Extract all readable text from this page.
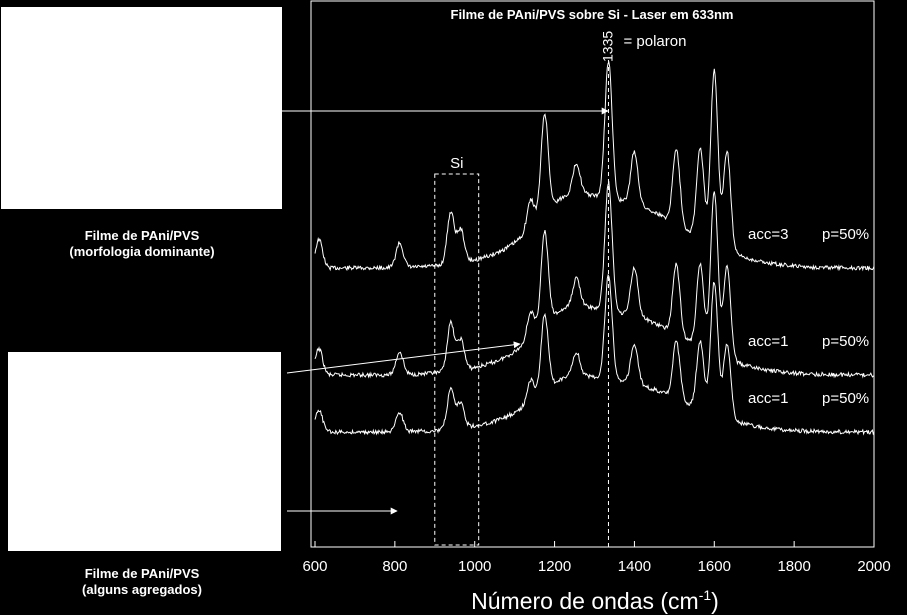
Filme de PAni/PVS
(morfologia dominante)
Filme de PAni/PVS
(alguns agregados)
Filme de PAni/PVS sobre Si - Laser em 633nm
acc=3 p=50%
acc=1 p=50%
acc=1 p=50%
600	800	1000	1200	1400	1600	1800	2000
1335 = polaron
Si
Número de ondas $(cm^{-1})$
